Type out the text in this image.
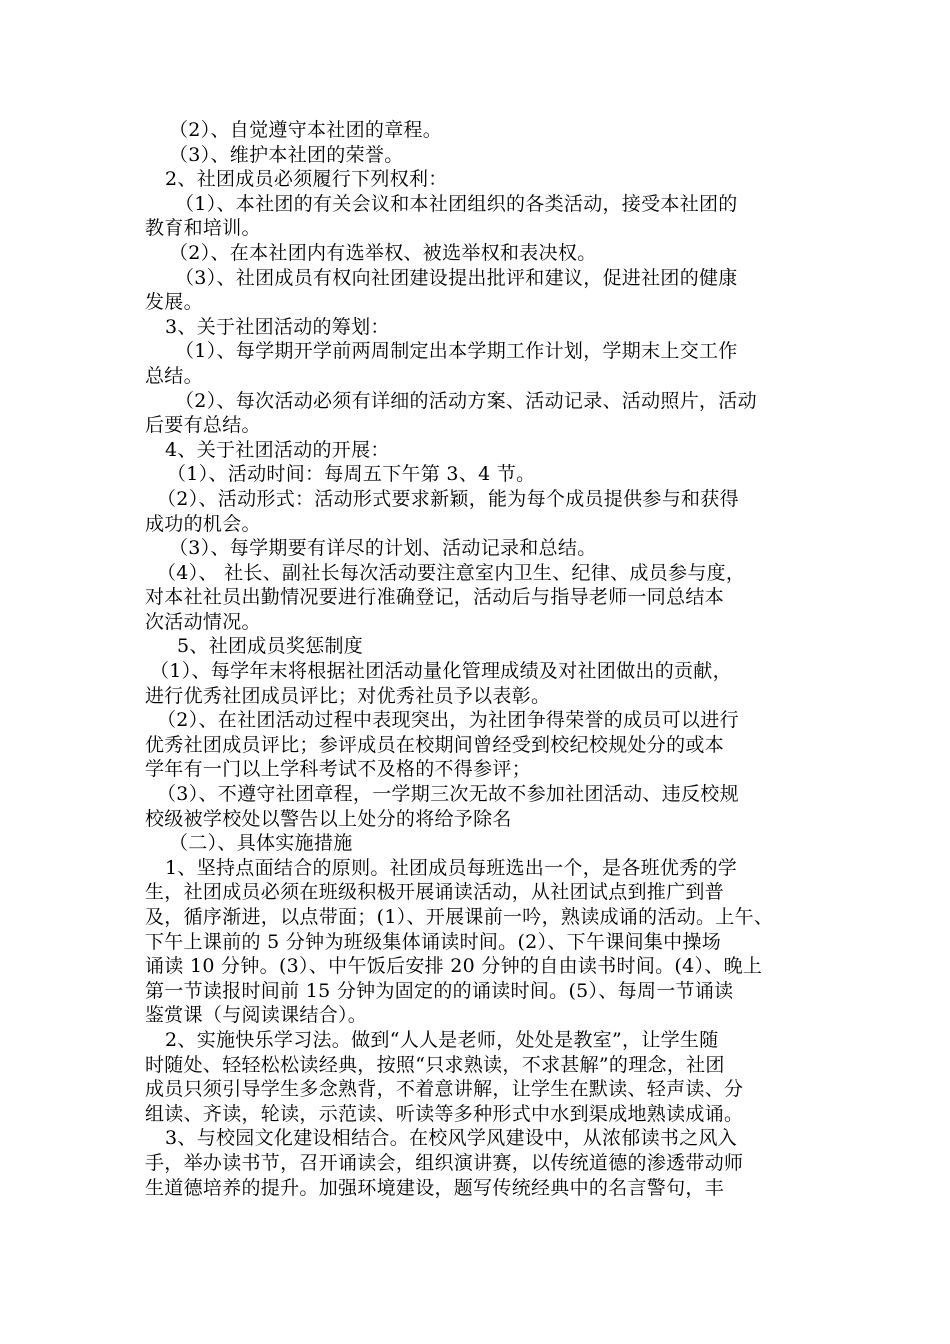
（2）、自觉遵守本社团的章程。
（3）、维护本社团的荣誉。
2、社团成员必须履行下列权利：
（1）、本社团的有关会议和本社团组织的各类活动，接受本社团的
教育和培训。
（2）、在本社团内有选举权、被选举权和表决权。
（3）、社团成员有权向社团建设提出批评和建议，促进社团的健康
发展。
3、关于社团活动的筹划：
（1）、每学期开学前两周制定出本学期工作计划，学期末上交工作
总结。
（2）、每次活动必须有详细的活动方案、活动记录、活动照片，活动
后要有总结。
4、关于社团活动的开展：
（1）、活动时间：每周五下午第 3、4 节。
（2）、活动形式：活动形式要求新颖，能为每个成员提供参与和获得
成功的机会。
（3）、每学期要有详尽的计划、活动记录和总结。
（4）、 社长、副社长每次活动要注意室内卫生、纪律、成员参与度，
对本社社员出勤情况要进行准确登记，活动后与指导老师一同总结本
次活动情况。
5、社团成员奖惩制度
（1）、每学年末将根据社团活动量化管理成绩及对社团做出的贡献，
进行优秀社团成员评比；对优秀社员予以表彰。
（2）、在社团活动过程中表现突出，为社团争得荣誉的成员可以进行
优秀社团成员评比；参评成员在校期间曾经受到校纪校规处分的或本
学年有一门以上学科考试不及格的不得参评；
（3）、不遵守社团章程，一学期三次无故不参加社团活动、违反校规
校级被学校处以警告以上处分的将给予除名
（二）、具体实施措施
1、坚持点面结合的原则。社团成员每班选出一个，是各班优秀的学
生，社团成员必须在班级积极开展诵读活动，从社团试点到推广到普
及，循序渐进，以点带面；(1）、开展课前一吟，熟读成诵的活动。上午、
下午上课前的 5 分钟为班级集体诵读时间。(2）、下午课间集中操场
诵读 10 分钟。(3）、中午饭后安排 20 分钟的自由读书时间。(4）、晚上
第一节读报时间前 15 分钟为固定的的诵读时间。(5）、每周一节诵读
鉴赏课（与阅读课结合）。
2、实施快乐学习法。做到“人人是老师，处处是教室”，让学生随
时随处、轻轻松松读经典，按照“只求熟读，不求甚解”的理念，社团
成员只须引导学生多念熟背，不着意讲解，让学生在默读、轻声读、分
组读、齐读，轮读，示范读、听读等多种形式中水到渠成地熟读成诵。
3、与校园文化建设相结合。在校风学风建设中，从浓郁读书之风入
手，举办读书节，召开诵读会，组织演讲赛，以传统道德的渗透带动师
生道德培养的提升。加强环境建设，题写传统经典中的名言警句，丰
